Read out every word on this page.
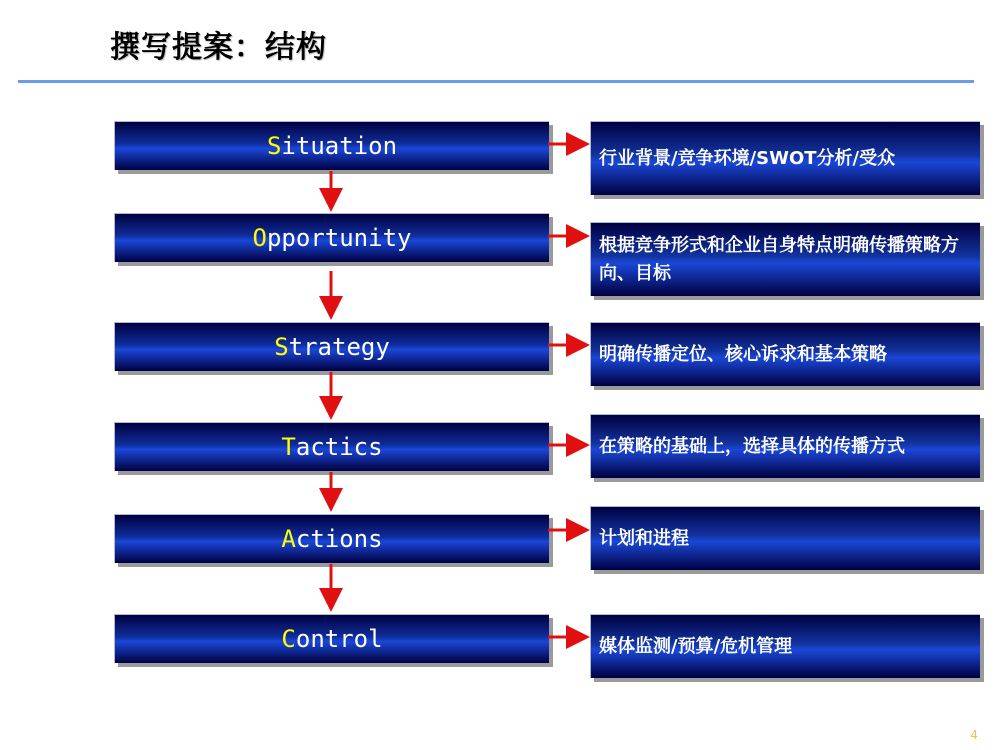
撰写提案：结构
S ituation
O pportunity
S trategy
T actics
A ctions
C ontrol
行业背景/竞争环境/SWOT分析/受众
根据竞争形式和企业自身特点明确传播策略方向、目标
明确传播定位、核心诉求和基本策略
在策略的基础上，选择具体的传播方式
计划和进程
媒体监测/预算/危机管理
4
